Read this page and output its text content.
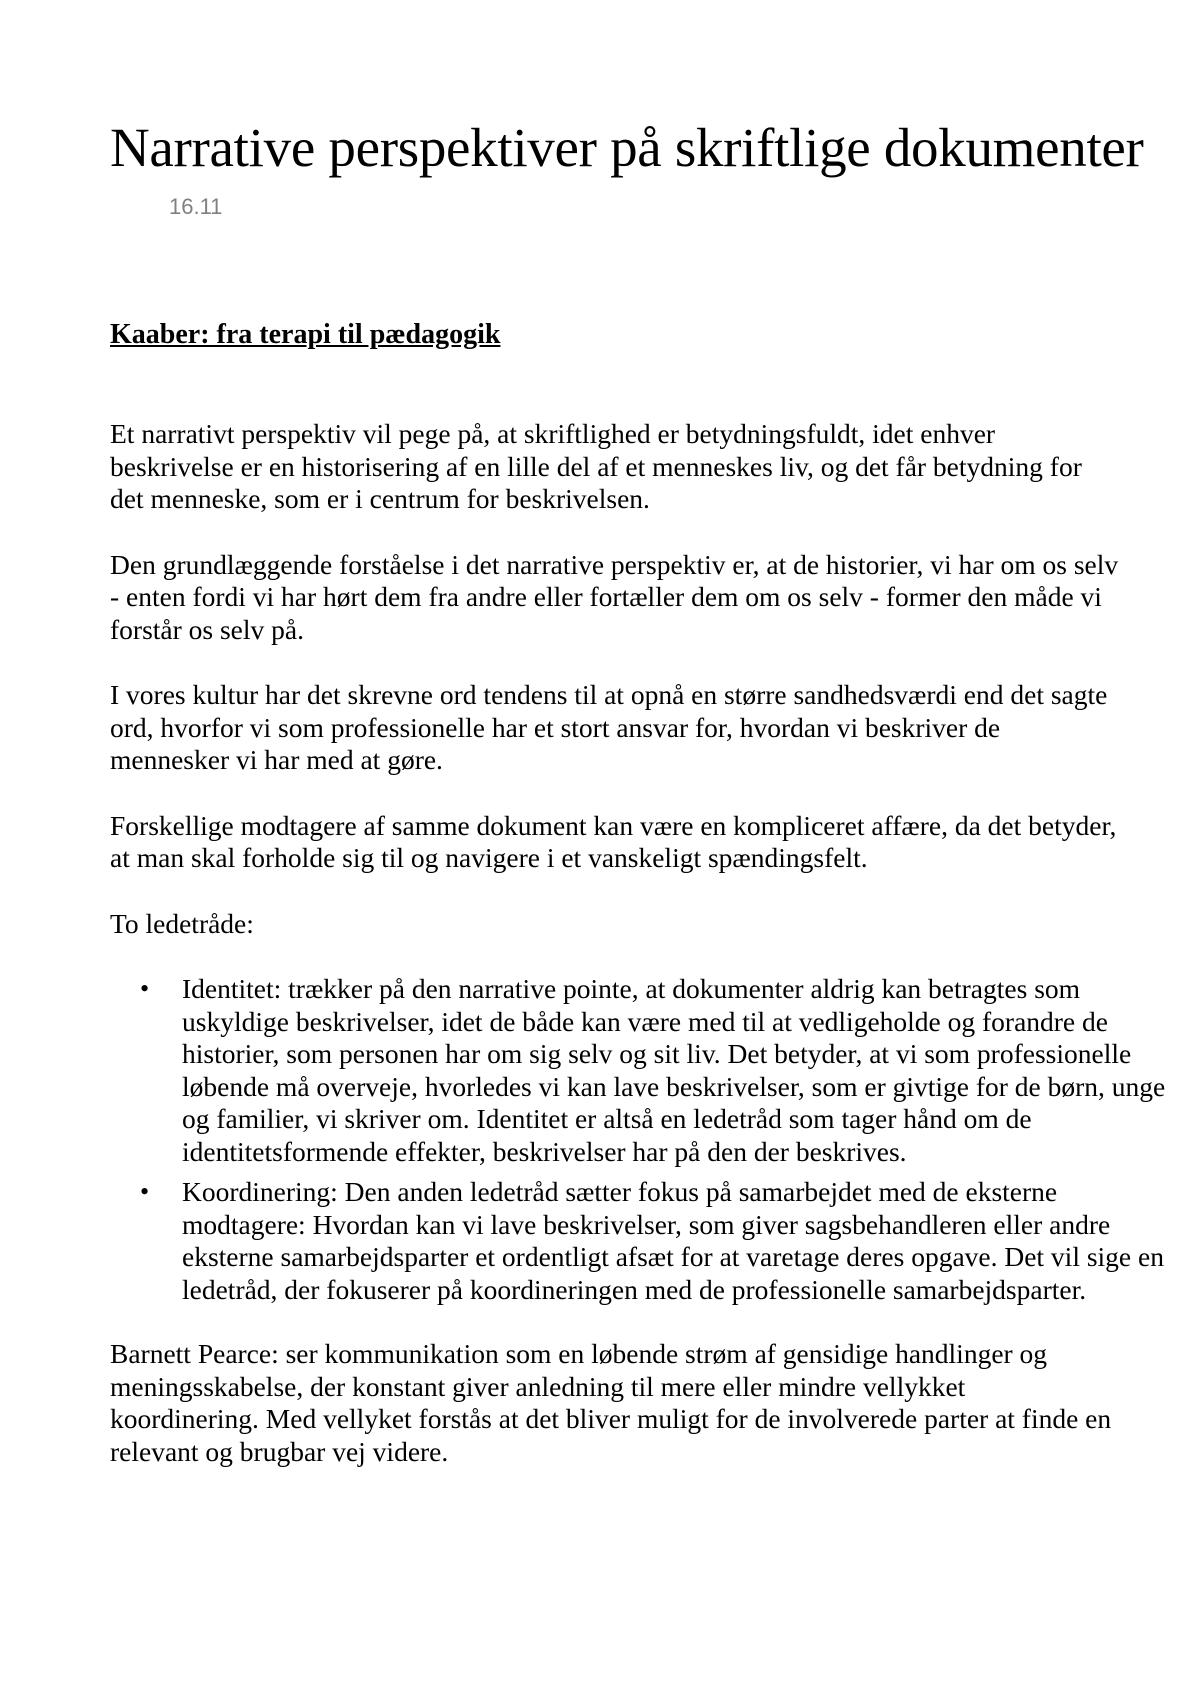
Narrative perspektiver på skriftlige dokumenter
16.11
Kaaber: fra terapi til pædagogik

Et narrativt perspektiv vil pege på, at skriftlighed er betydningsfuldt, idet enhver beskrivelse er en historisering af en lille del af et menneskes liv, og det får betydning for det menneske, som er i centrum for beskrivelsen.

Den grundlæggende forståelse i det narrative perspektiv er, at de historier, vi har om os selv - enten fordi vi har hørt dem fra andre eller fortæller dem om os selv - former den måde vi forstår os selv på.

I vores kultur har det skrevne ord tendens til at opnå en større sandhedsværdi end det sagte ord, hvorfor vi som professionelle har et stort ansvar for, hvordan vi beskriver de mennesker vi har med at gøre.

Forskellige modtagere af samme dokument kan være en kompliceret affære, da det betyder, at man skal forholde sig til og navigere i et vanskeligt spændingsfelt.

To ledetråde:

• Identitet: trækker på den narrative pointe, at dokumenter aldrig kan betragtes som uskyldige beskrivelser, idet de både kan være med til at vedligeholde og forandre de historier, som personen har om sig selv og sit liv. Det betyder, at vi som professionelle løbende må overveje, hvorledes vi kan lave beskrivelser, som er givtige for de børn, unge og familier, vi skriver om. Identitet er altså en ledetråd som tager hånd om de identitetsformende effekter, beskrivelser har på den der beskrives.
• Koordinering: Den anden ledetråd sætter fokus på samarbejdet med de eksterne modtagere: Hvordan kan vi lave beskrivelser, som giver sagsbehandleren eller andre eksterne samarbejdsparter et ordentligt afsæt for at varetage deres opgave. Det vil sige en ledetråd, der fokuserer på koordineringen med de professionelle samarbejdsparter.

Barnett Pearce: ser kommunikation som en løbende strøm af gensidige handlinger og meningsskabelse, der konstant giver anledning til mere eller mindre vellykket koordinering. Med vellyket forstås at det bliver muligt for de involverede parter at finde en relevant og brugbar vej videre.
